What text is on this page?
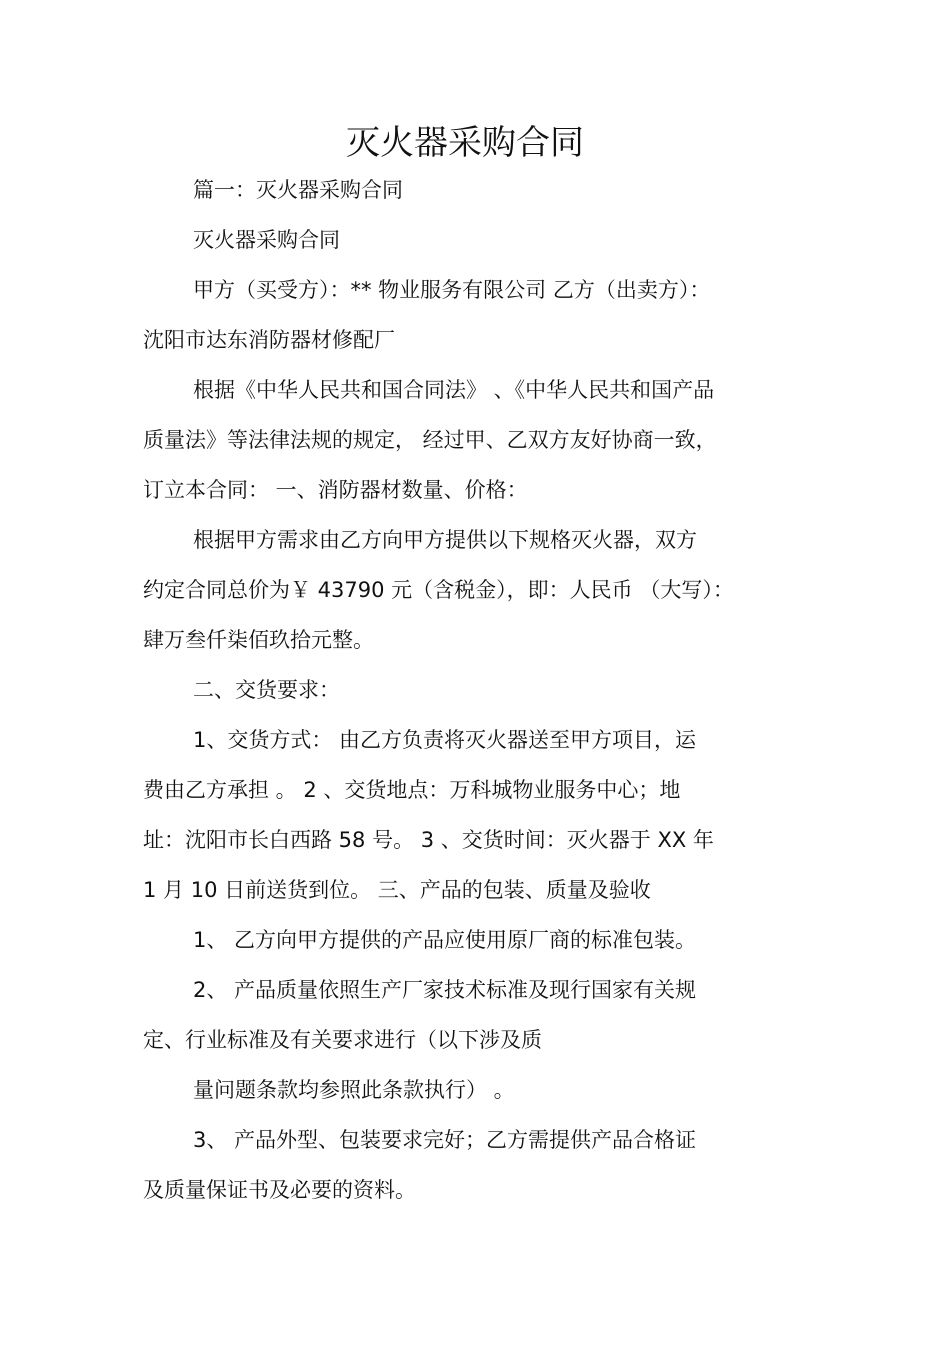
灭火器采购合同
篇一：灭火器采购合同
灭火器采购合同
甲方（买受方）：** 物业服务有限公司 乙方（出卖方）：
沈阳市达东消防器材修配厂
根据《中华人民共和国合同法》 、《中华人民共和国产品
质量法》等法律法规的规定， 经过甲、乙双方友好协商一致，
订立本合同： 一、消防器材数量、价格：
根据甲方需求由乙方向甲方提供以下规格灭火器，双方
约定合同总价为￥ 43790 元（含税金），即：人民币 （大写）：
肆万叁仟柒佰玖拾元整。
二、交货要求：
1、交货方式： 由乙方负责将灭火器送至甲方项目，运
费由乙方承担 。 2 、交货地点：万科城物业服务中心；地
址：沈阳市长白西路 58 号。 3 、交货时间：灭火器于 XX 年
1 月 10 日前送货到位。 三、产品的包装、质量及验收
1、 乙方向甲方提供的产品应使用原厂商的标准包装。
2、 产品质量依照生产厂家技术标准及现行国家有关规
定、行业标准及有关要求进行（以下涉及质
量问题条款均参照此条款执行） 。
3、 产品外型、包装要求完好；乙方需提供产品合格证
及质量保证书及必要的资料。
